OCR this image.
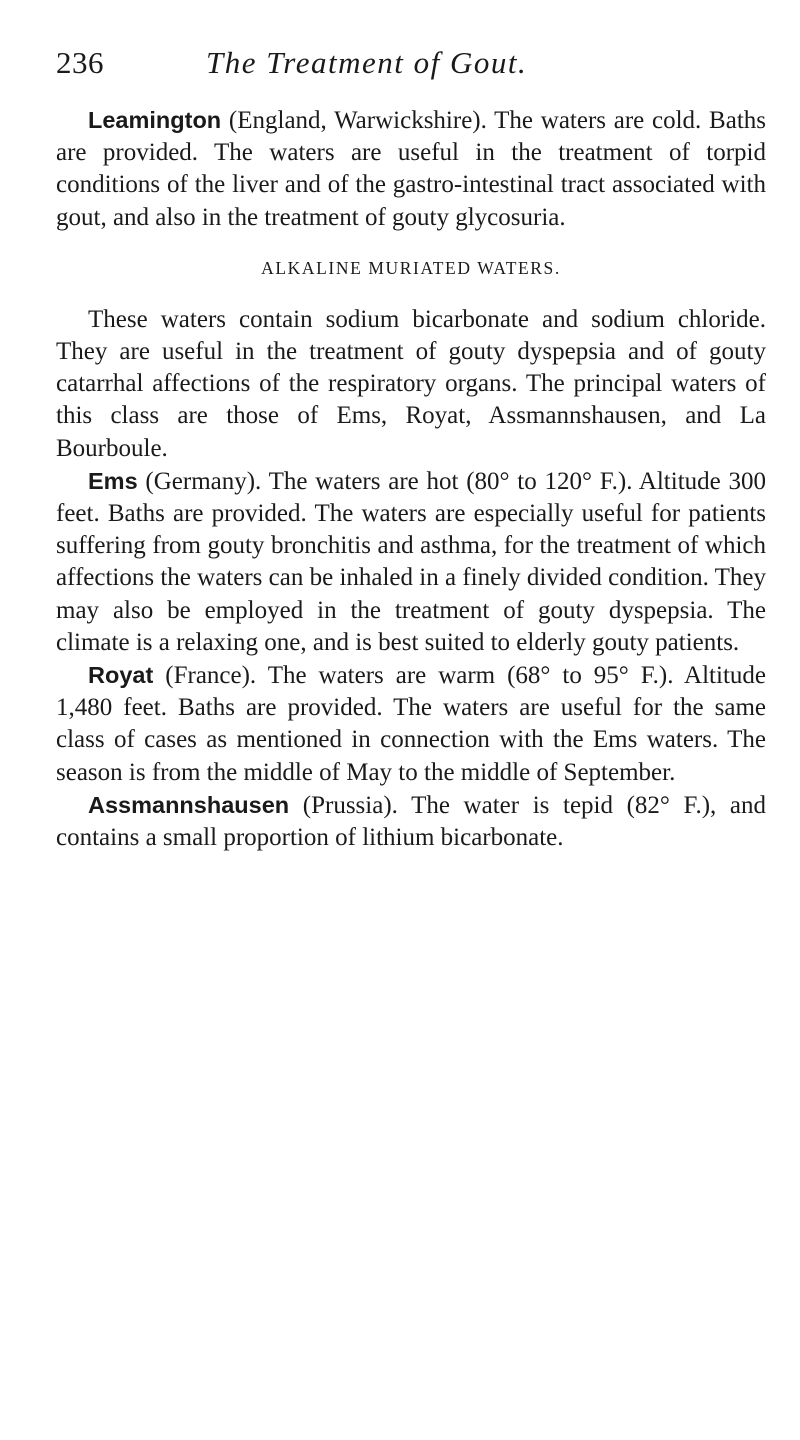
236	The Treatment of Gout.

Leamington (England, Warwickshire). The waters are cold. Baths are provided. The waters are useful in the treatment of torpid conditions of the liver and of the gastro-intestinal tract associated with gout, and also in the treatment of gouty glycosuria.

ALKALINE MURIATED WATERS.

These waters contain sodium bicarbonate and sodium chloride. They are useful in the treatment of gouty dyspepsia and of gouty catarrhal affections of the respiratory organs. The principal waters of this class are those of Ems, Royat, Assmannshausen, and La Bourboule.

Ems (Germany). The waters are hot (80° to 120° F.). Altitude 300 feet. Baths are provided. The waters are especially useful for patients suffering from gouty bronchitis and asthma, for the treatment of which affections the waters can be inhaled in a finely divided condition. They may also be employed in the treatment of gouty dyspepsia. The climate is a relaxing one, and is best suited to elderly gouty patients.

Royat (France). The waters are warm (68° to 95° F.). Altitude 1,480 feet. Baths are provided. The waters are useful for the same class of cases as mentioned in connection with the Ems waters. The season is from the middle of May to the middle of September.

Assmannshausen (Prussia). The water is tepid (82° F.), and contains a small proportion of lithium bicarbonate.
